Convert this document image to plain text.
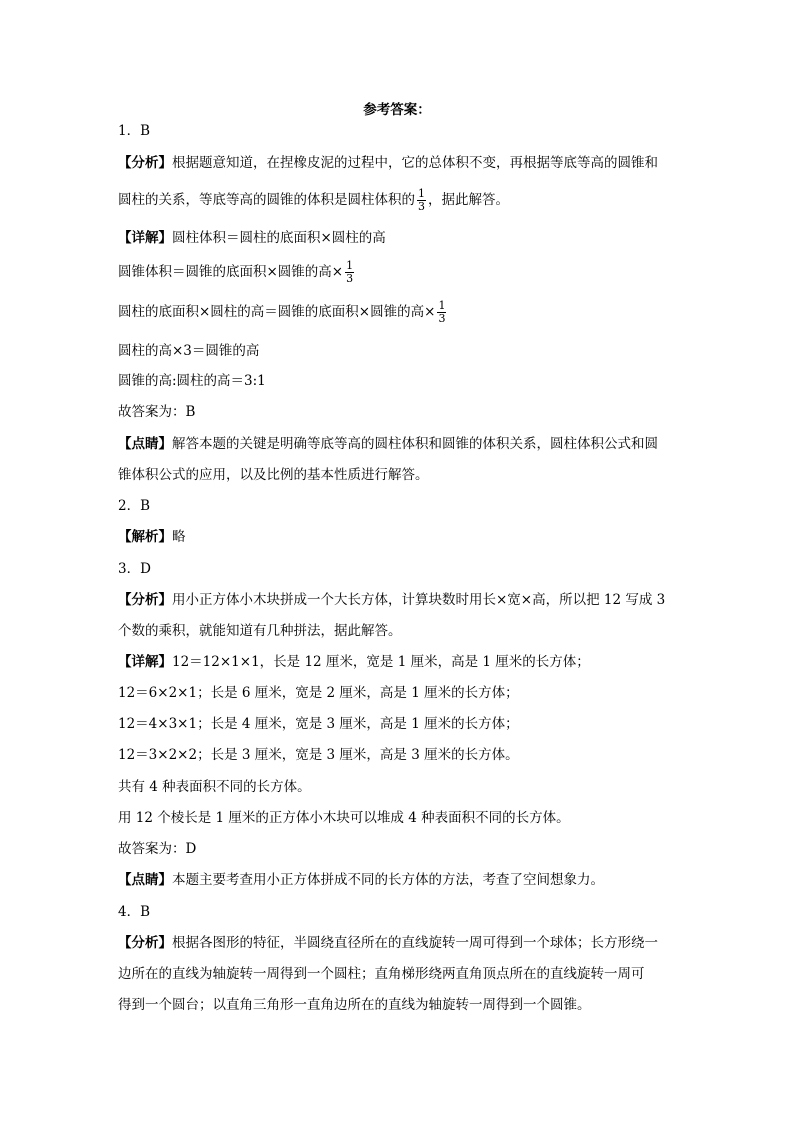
参考答案：
1．B
【分析】根据题意知道，在捏橡皮泥的过程中，它的总体积不变，再根据等底等高的圆锥和
圆柱的关系，等底等高的圆锥的体积是圆柱体积的 $\frac{1}{3}$ ，据此解答。
【详解】圆柱体积＝圆柱的底面积×圆柱的高
圆锥体积＝圆锥的底面积×圆锥的高× $\frac{1}{3}$
圆柱的底面积×圆柱的高＝圆锥的底面积×圆锥的高× $\frac{1}{3}$
圆柱的高×3＝圆锥的高
圆锥的高:圆柱的高＝3:1
故答案为：B
【点睛】解答本题的关键是明确等底等高的圆柱体积和圆锥的体积关系，圆柱体积公式和圆
锥体积公式的应用，以及比例的基本性质进行解答。
2．B
【解析】略
3．D
【分析】用小正方体小木块拼成一个大长方体，计算块数时用长×宽×高，所以把 12 写成 3
个数的乘积，就能知道有几种拼法，据此解答。
【详解】12＝12×1×1，长是 12 厘米，宽是 1 厘米，高是 1 厘米的长方体；
12＝6×2×1；长是 6 厘米，宽是 2 厘米，高是 1 厘米的长方体；
12＝4×3×1；长是 4 厘米，宽是 3 厘米，高是 1 厘米的长方体；
12＝3×2×2；长是 3 厘米，宽是 3 厘米，高是 3 厘米的长方体。
共有 4 种表面积不同的长方体。
用 12 个棱长是 1 厘米的正方体小木块可以堆成 4 种表面积不同的长方体。
故答案为：D
【点睛】本题主要考查用小正方体拼成不同的长方体的方法，考查了空间想象力。
4．B
【分析】根据各图形的特征，半圆绕直径所在的直线旋转一周可得到一个球体；长方形绕一
边所在的直线为轴旋转一周得到一个圆柱；直角梯形绕两直角顶点所在的直线旋转一周可
得到一个圆台；以直角三角形一直角边所在的直线为轴旋转一周得到一个圆锥。
